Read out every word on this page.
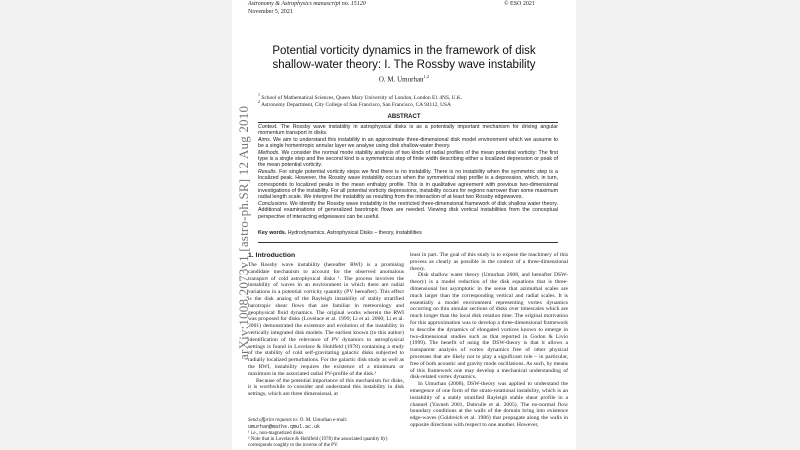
Astronomy & Astrophysics manuscript no. 15120
November 5, 2021
© ESO 2021
arXiv:1008.2073v1 [astro-ph.SR] 12 Aug 2010
Potential vorticity dynamics in the framework of disk
shallow-water theory: I. The Rossby wave instability
O. M. Umurhan$^{1,2}$
$^1$ School of Mathematical Sciences, Queen Mary University of London, London E1 4NS, U.K.
$^2$ Astronomy Department, City College of San Francisco, San Francisco, CA 94112, USA
ABSTRACT

Context. The Rossby wave instability in astrophysical disks is as a potentially important mechanism for driving angular momentum transport in disks.

Aims. We aim to understand this instability in an approximate three-dimensional disk model environment which we assume to be a single homentropic annular layer we analyse using disk shallow-water theory.

Methods. We consider the normal mode stability analysis of two kinds of radial profiles of the mean potential vorticity: The first type is a single step and the second kind is a symmetrical step of finite width describing either a localized depression or peak of the mean potential vorticity.

Results. For single potential vorticity steps we find there is no instability. There is no instability when the symmetric step is a localized peak. However, the Rossby wave instability occurs when the symmetrical step profile is a depression, which, in turn, corresponds to localized peaks in the mean enthalpy profile. This is in qualitative agreement with previous two-dimensional investigations of the instability. For all potential vorticity depressions, instability occurs for regions narrower than some maximum radial length scale. We interpret the instability as resulting from the interaction of at least two Rossby edgewaves.

Conclusions. We identify the Rossby wave instability in the restricted three-dimensional framework of disk shallow water theory. Additional examinations of generalized barotropic flows are needed. Viewing disk vortical instabilities from the conceptual perspective of interacting edgewaves can be useful.

Key words. Hydrodynamics, Astrophysical Disks – theory, instabilities
1. Introduction

The Rossby wave instability (hereafter RWI) is a promising candidate mechanism to account for the observed anomalous transport of cold astrophysical disks ¹. The process involves the instability of waves in an environment in which there are radial variations in a potential vorticity quantity (PV hereafter). This effect is the disk analog of the Rayleigh instability of stably stratified barotropic shear flows that are familiar in meteorology and geophysical fluid dynamics. The original works wherein the RWI was proposed for disks (Lovelace et al. 1999; Li et al. 2000; Li et al. 2001) demonstrated the existence and evolution of the instability in vertically integrated disk models. The earliest known (to this author) identification of the relevance of PV dynamics to astrophysical settings is found in Lovelace & Hohlfeld (1978) containing a study of the stability of cold self-gravitating galactic disks subjected to radially localized perturbations. For the galactic disk study as well as the RWI, instability requires the existence of a minimum or maximum in the associated radial PV-profile of the disk.²

Because of the potential importance of this mechanism for disks, it is worthwhile to consider and understand this instability in disk settings, which are three dimensional, at

least in part. The goal of this study is to expose the machinery of this process as clearly as possible in the context of a three-dimensional theory.

Disk shallow water theory (Umurhan 2008, and hereafter DSW-theory) is a model reduction of the disk equations that is three-dimensional but asymptotic in the sense that azimuthal scales are much larger than the corresponding vertical and radial scales. It is essentially a model environment representing vortex dynamics occurring on thin annular sections of disks over timescales which are much longer than the local disk rotation time. The original motivation for this approximation was to develop a three-dimensional framework to describe the dynamics of elongated vortices known to emerge in two-dimensional studies such as that reported in Godon & Livio (1999). The benefit of using the DSW-theory is that it allows a transparent analysis of vortex dynamics free of other physical processes that are likely not to play a significant role – in particular, free of both acoustic and gravity mode oscillations. As such, by means of this framework one may develop a mechanical understanding of disk-related vortex dynamics.

In Umurhan (2008), DSW-theory was applied to understand the emergence of one form of the strato-rotational instability, which is an instability of a stably stratified Rayleigh stable shear profile in a channel (Yavneh 2001, Dubrulle et al. 2005). The no-normal flow boundary conditions at the walls of the domain bring into existence edge-waves (Goldreich et al. 1986) that propagate along the walls in opposite directions with respect to one another. However,

Send offprint requests to: O. M. Umurhan e-mail: umurhan@maths.qmul.ac.uk

¹ i.e., non-magnetized disks

² Note that in Lovelace & Hohlfeld (1978) the associated quantity f(r) corresponds roughly to the inverse of the PV.
